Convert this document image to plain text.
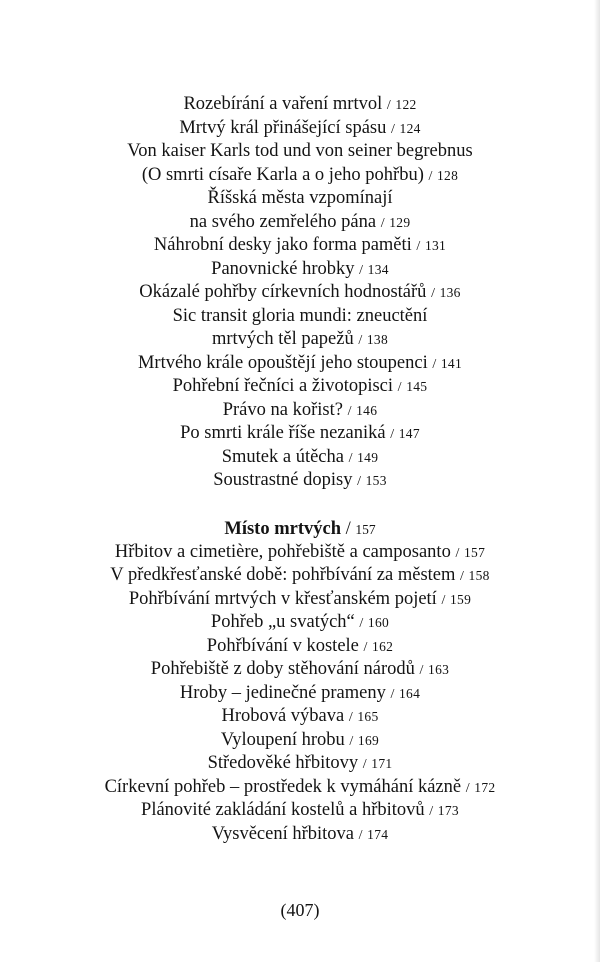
Rozebírání a vaření mrtvol / 122
Mrtvý král přinášející spásu / 124
Von kaiser Karls tod und von seiner begrebnus
(O smrti císaře Karla a o jeho pohřbu) / 128
Říšská města vzpomínají
na svého zemřelého pána / 129
Náhrobní desky jako forma paměti / 131
Panovnické hrobky / 134
Okázalé pohřby církevních hodnostářů / 136
Sic transit gloria mundi: zneuctění
mrtvých těl papežů / 138
Mrtvého krále opouštějí jeho stoupenci / 141
Pohřební řečníci a životopisci / 145
Právo na kořist? / 146
Po smrti krále říše nezaniká / 147
Smutek a útěcha / 149
Soustrastné dopisy / 153
Místo mrtvých / 157
Hřbitov a cimetière, pohřebiště a camposanto / 157
V předkřesťanské době: pohřbívání za městem / 158
Pohřbívání mrtvých v křesťanském pojetí / 159
Pohřeb „u svatých“ / 160
Pohřbívání v kostele / 162
Pohřebiště z doby stěhování národů / 163
Hroby – jedinečné prameny / 164
Hrobová výbava / 165
Vyloupení hrobu / 169
Středověké hřbitovy / 171
Církevní pohřeb – prostředek k vymáhání kázně / 172
Plánovité zakládání kostelů a hřbitovů / 173
Vysvěcení hřbitova / 174
(407)
